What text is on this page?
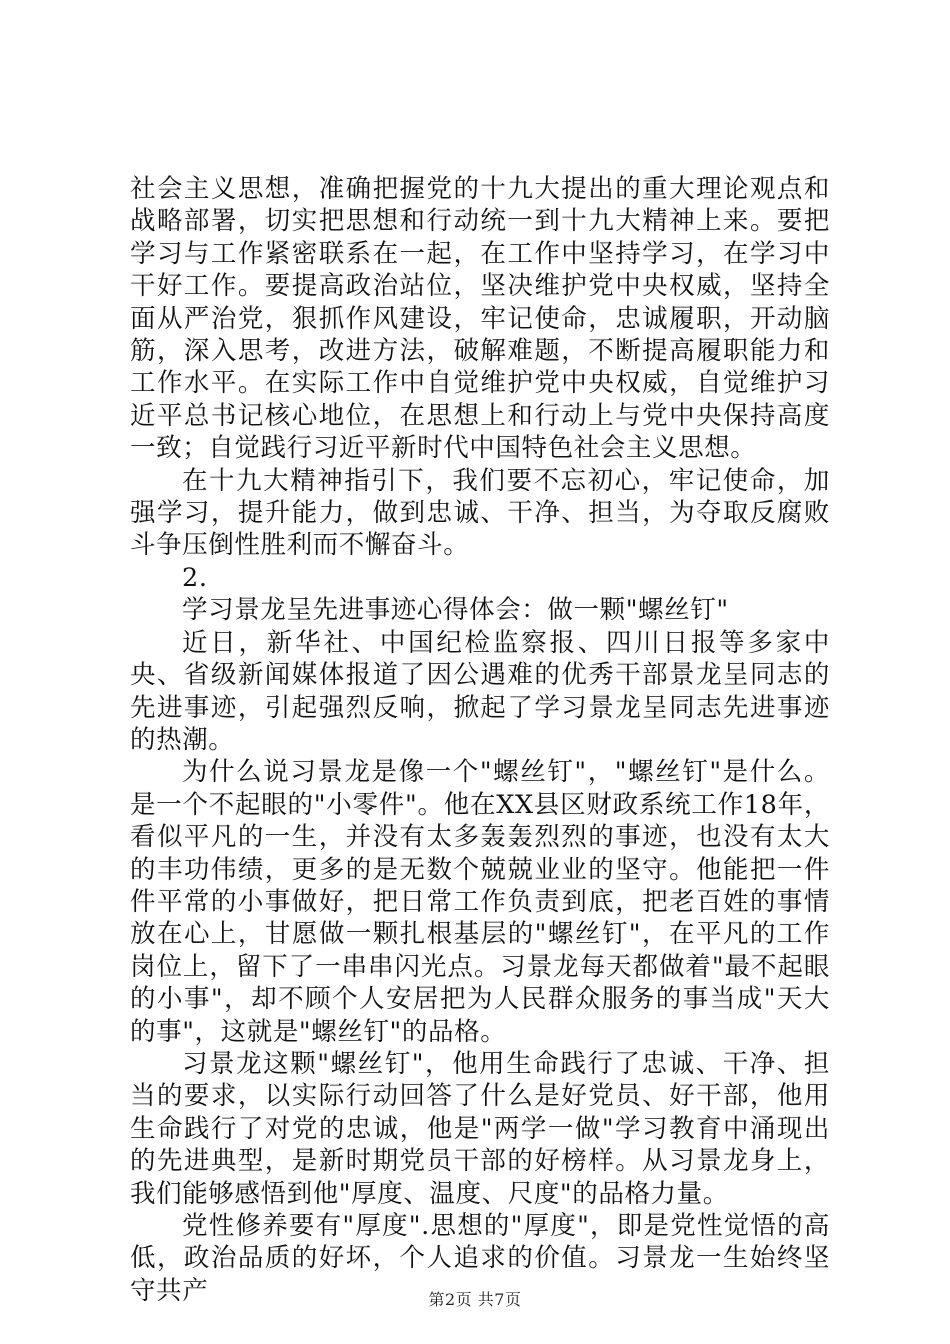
社会主义思想，准确把握党的十九大提出的重大理论观点和战略部署，切实把思想和行动统一到十九大精神上来。要把学习与工作紧密联系在一起，在工作中坚持学习，在学习中干好工作。要提高政治站位，坚决维护党中央权威，坚持全面从严治党，狠抓作风建设，牢记使命，忠诚履职，开动脑筋，深入思考，改进方法，破解难题，不断提高履职能力和工作水平。在实际工作中自觉维护党中央权威，自觉维护习近平总书记核心地位，在思想上和行动上与党中央保持高度一致；自觉践行习近平新时代中国特色社会主义思想。

在十九大精神指引下，我们要不忘初心，牢记使命，加强学习，提升能力，做到忠诚、干净、担当，为夺取反腐败斗争压倒性胜利而不懈奋斗。

2.

学习景龙呈先进事迹心得体会：做一颗"螺丝钉"

近日，新华社、中国纪检监察报、四川日报等多家中央、省级新闻媒体报道了因公遇难的优秀干部景龙呈同志的先进事迹，引起强烈反响，掀起了学习景龙呈同志先进事迹的热潮。

为什么说习景龙是像一个"螺丝钉"，"螺丝钉"是什么。是一个不起眼的"小零件"。他在XX县区财政系统工作18年，看似平凡的一生，并没有太多轰轰烈烈的事迹，也没有太大的丰功伟绩，更多的是无数个兢兢业业的坚守。他能把一件件平常的小事做好，把日常工作负责到底，把老百姓的事情放在心上，甘愿做一颗扎根基层的"螺丝钉"，在平凡的工作岗位上，留下了一串串闪光点。习景龙每天都做着"最不起眼的小事"，却不顾个人安居把为人民群众服务的事当成"天大的事"，这就是"螺丝钉"的品格。

习景龙这颗"螺丝钉"，他用生命践行了忠诚、干净、担当的要求，以实际行动回答了什么是好党员、好干部，他用生命践行了对党的忠诚，他是"两学一做"学习教育中涌现出的先进典型，是新时期党员干部的好榜样。从习景龙身上，我们能够感悟到他"厚度、温度、尺度"的品格力量。

党性修养要有"厚度".思想的"厚度"，即是党性觉悟的高低，政治品质的好坏，个人追求的价值。习景龙一生始终坚守共产	第2页 共7页
